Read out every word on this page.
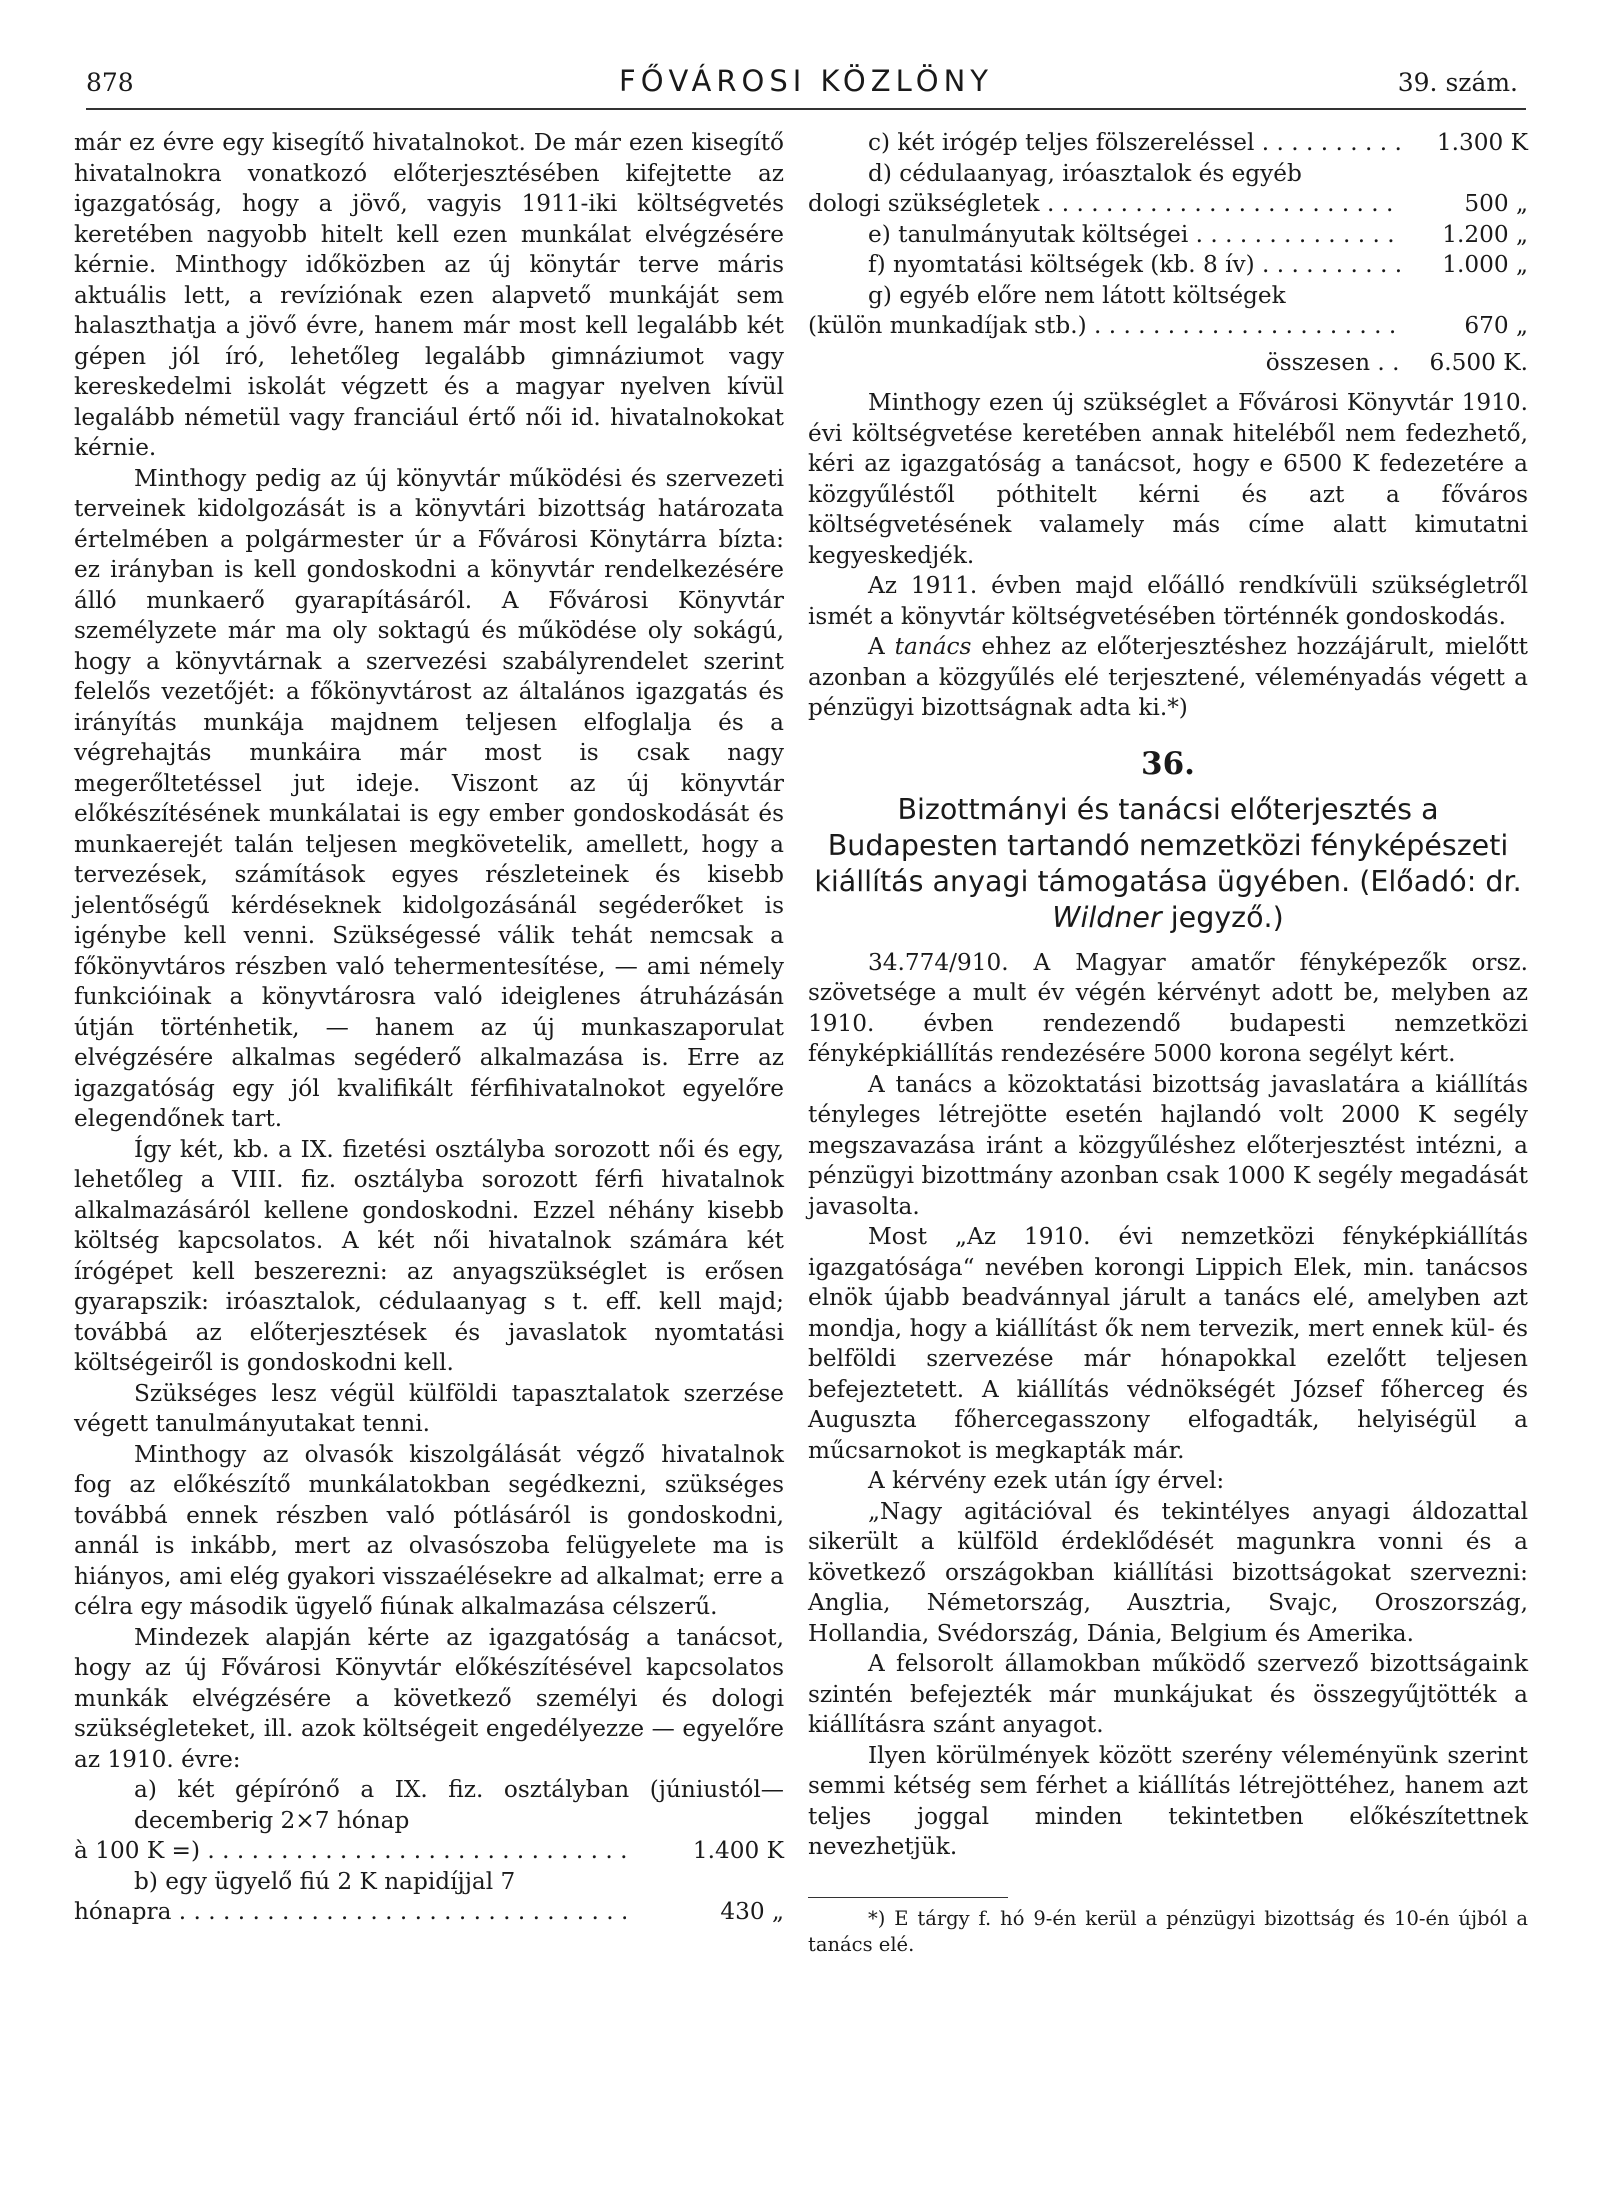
878	FŐVÁROSI KÖZLÖNY	39. szám.

már ez évre egy kisegítő hivatalnokot. De már ezen kisegítő hivatalnokra vonatkozó előterjesztésében kifejtette az igazgatóság, hogy a jövő, vagyis 1911-iki költségvetés keretében nagyobb hitelt kell ezen munkálat elvégzésére kérnie. Minthogy időközben az új könytár terve máris aktuális lett, a revíziónak ezen alapvető munkáját sem halaszthatja a jövő évre, hanem már most kell legalább két gépen jól író, lehetőleg legalább gimnáziumot vagy kereskedelmi iskolát végzett és a magyar nyelven kívül legalább németül vagy franciául értő női id. hivatalnokokat kérnie.

Minthogy pedig az új könyvtár működési és szervezeti terveinek kidolgozását is a könyvtári bizottság határozata értelmében a polgármester úr a Fővárosi Könytárra bízta: ez irányban is kell gondoskodni a könyvtár rendelkezésére álló munkaerő gyarapításáról. A Fővárosi Könyvtár személyzete már ma oly soktagú és működése oly sokágú, hogy a könyvtárnak a szervezési szabályrendelet szerint felelős vezetőjét: a főkönyvtárost az általános igazgatás és irányítás munkája majdnem teljesen elfoglalja és a végrehajtás munkáira már most is csak nagy megerőltetéssel jut ideje. Viszont az új könyvtár előkészítésének munkálatai is egy ember gondoskodását és munkaerejét talán teljesen megkövetelik, amellett, hogy a tervezések, számítások egyes részleteinek és kisebb jelentőségű kérdéseknek kidolgozásánál segéderőket is igénybe kell venni. Szükségessé válik tehát nemcsak a főkönyvtáros részben való tehermentesítése, — ami némely funkcióinak a könyvtárosra való ideiglenes átruházásán útján történhetik, — hanem az új munkaszaporulat elvégzésére alkalmas segéderő alkalmazása is. Erre az igazgatóság egy jól kvalifikált férfihivatalnokot egyelőre elegendőnek tart.

Így két, kb. a IX. fizetési osztályba sorozott női és egy, lehetőleg a VIII. fiz. osztályba sorozott férfi hivatalnok alkalmazásáról kellene gondoskodni. Ezzel néhány kisebb költség kapcsolatos. A két női hivatalnok számára két írógépet kell beszerezni: az anyagszükséglet is erősen gyarapszik: iróasztalok, cédulaanyag s t. eff. kell majd; továbbá az előterjesztések és javaslatok nyomtatási költségeiről is gondoskodni kell.

Szükséges lesz végül külföldi tapasztalatok szerzése végett tanulmányutakat tenni.

Minthogy az olvasók kiszolgálását végző hivatalnok fog az előkészítő munkálatokban segédkezni, szükséges továbbá ennek részben való pótlásáról is gondoskodni, annál is inkább, mert az olvasószoba felügyelete ma is hiányos, ami elég gyakori visszaélésekre ad alkalmat; erre a célra egy második ügyelő fiúnak alkalmazása célszerű.

Mindezek alapján kérte az igazgatóság a tanácsot, hogy az új Fővárosi Könyvtár előkészítésével kapcsolatos munkák elvégzésére a következő személyi és dologi szükségleteket, ill. azok költségeit engedélyezze — egyelőre az 1910. évre:

a) két gépírónő a IX. fiz. osztályban (júniustól—decemberig 2×7 hónap

à 100 K =) . . .	1.400 K

b) egy ügyelő fiú 2 K napidíjjal 7

hónapra . . .	430 „
c) két irógép teljes fölszereléssel . . .	1.300 K

d) cédulaanyag, iróasztalok és egyéb

dologi szükségletek . . .	500 „
e) tanulmányutak költségei . . .	1.200 „
f) nyomtatási költségek (kb. 8 ív) . . .	1.000 „

g) egyéb előre nem látott költségek

(külön munkadíjak stb.) . . .	670 „
összesen . . 6.500 K.

Minthogy ezen új szükséglet a Fővárosi Könyvtár 1910. évi költségvetése keretében annak hiteléből nem fedezhető, kéri az igazgatóság a tanácsot, hogy e 6500 K fedezetére a közgyűléstől póthitelt kérni és azt a főváros költségvetésének valamely más címe alatt kimutatni kegyeskedjék.

Az 1911. évben majd előálló rendkívüli szükségletről ismét a könyvtár költségvetésében történnék gondoskodás.

A tanács ehhez az előterjesztéshez hozzájárult, mielőtt azonban a közgyűlés elé terjesztené, véleményadás végett a pénzügyi bizottságnak adta ki.*)

36.
Bizottmányi és tanácsi előterjesztés a Budapesten tartandó nemzetközi fényképészeti kiállítás anyagi támogatása ügyében. (Előadó: dr. Wildner jegyző.)

34.774/910. A Magyar amatőr fényképezők orsz. szövetsége a mult év végén kérvényt adott be, melyben az 1910. évben rendezendő budapesti nemzetközi fényképkiállítás rendezésére 5000 korona segélyt kért.

A tanács a közoktatási bizottság javaslatára a kiállítás tényleges létrejötte esetén hajlandó volt 2000 K segély megszavazása iránt a közgyűléshez előterjesztést intézni, a pénzügyi bizottmány azonban csak 1000 K segély megadását javasolta.

Most „Az 1910. évi nemzetközi fényképkiállítás igazgatósága“ nevében korongi Lippich Elek, min. tanácsos elnök újabb beadvánnyal járult a tanács elé, amelyben azt mondja, hogy a kiállítást ők nem tervezik, mert ennek kül- és belföldi szervezése már hónapokkal ezelőtt teljesen befejeztetett. A kiállítás védnökségét József főherceg és Auguszta főhercegasszony elfogadták, helyiségül a műcsarnokot is megkapták már.

A kérvény ezek után így érvel:

„Nagy agitációval és tekintélyes anyagi áldozattal sikerült a külföld érdeklődését magunkra vonni és a következő országokban kiállítási bizottságokat szervezni: Anglia, Németország, Ausztria, Svajc, Oroszország, Hollandia, Svédország, Dánia, Belgium és Amerika.

A felsorolt államokban működő szervező bizottságaink szintén befejezték már munkájukat és összegyűjtötték a kiállításra szánt anyagot.

Ilyen körülmények között szerény véleményünk szerint semmi kétség sem férhet a kiállítás létrejöttéhez, hanem azt teljes joggal minden tekintetben előkészítettnek nevezhetjük.

*) E tárgy f. hó 9-én kerül a pénzügyi bizottság és 10-én újból a tanács elé.
